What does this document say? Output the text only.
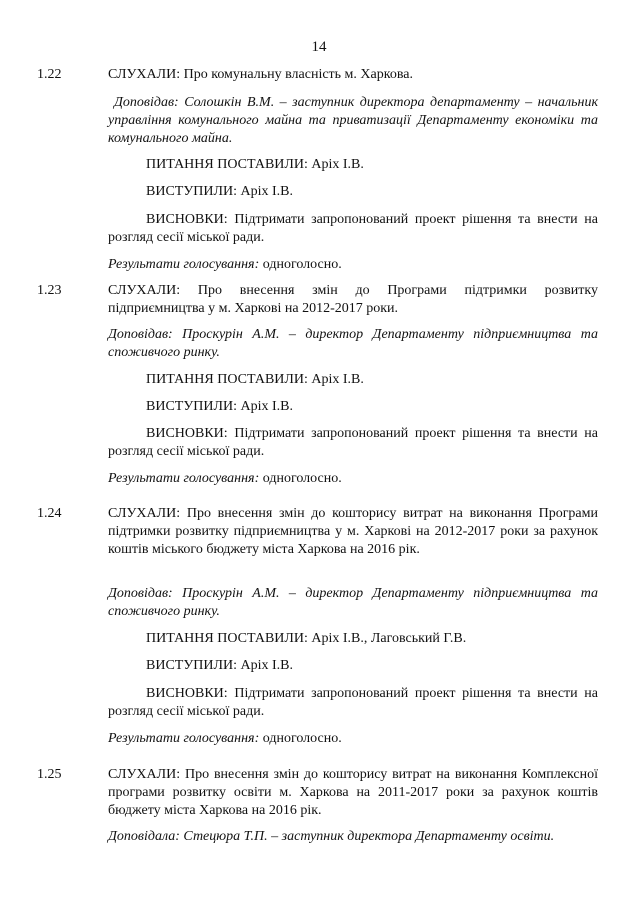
14
1.22	СЛУХАЛИ: Про комунальну власність м. Харкова.
Доповідав: Солошкін В.М. – заступник директора департаменту – начальник управління комунального майна та приватизації Департаменту економіки та комунального майна.
ПИТАННЯ ПОСТАВИЛИ: Аріх І.В.
ВИСТУПИЛИ: Аріх І.В.
ВИСНОВКИ: Підтримати запропонований проект рішення та внести на розгляд сесії міської ради.
Результати голосування: одноголосно.
1.23	СЛУХАЛИ: Про внесення змін до Програми підтримки розвитку підприємництва у м. Харкові на 2012-2017 роки.
Доповідав: Проскурін А.М. – директор Департаменту підприємництва та споживчого ринку.
ПИТАННЯ ПОСТАВИЛИ: Аріх І.В.
ВИСТУПИЛИ: Аріх І.В.
ВИСНОВКИ: Підтримати запропонований проект рішення та внести на розгляд сесії міської ради.
Результати голосування: одноголосно.
1.24	СЛУХАЛИ: Про внесення змін до кошторису витрат на виконання Програми підтримки розвитку підприємництва у м. Харкові на 2012-2017 роки за рахунок коштів міського бюджету міста Харкова на 2016 рік.
Доповідав: Проскурін А.М. – директор Департаменту підприємництва та споживчого ринку.
ПИТАННЯ ПОСТАВИЛИ: Аріх І.В., Лаговський Г.В.
ВИСТУПИЛИ: Аріх І.В.
ВИСНОВКИ: Підтримати запропонований проект рішення та внести на розгляд сесії міської ради.
Результати голосування: одноголосно.
1.25	СЛУХАЛИ: Про внесення змін до кошторису витрат на виконання Комплексної програми розвитку освіти м. Харкова на 2011-2017 роки за рахунок коштів бюджету міста Харкова на 2016 рік.
Доповідала: Стецюра Т.П. – заступник директора Департаменту освіти.
